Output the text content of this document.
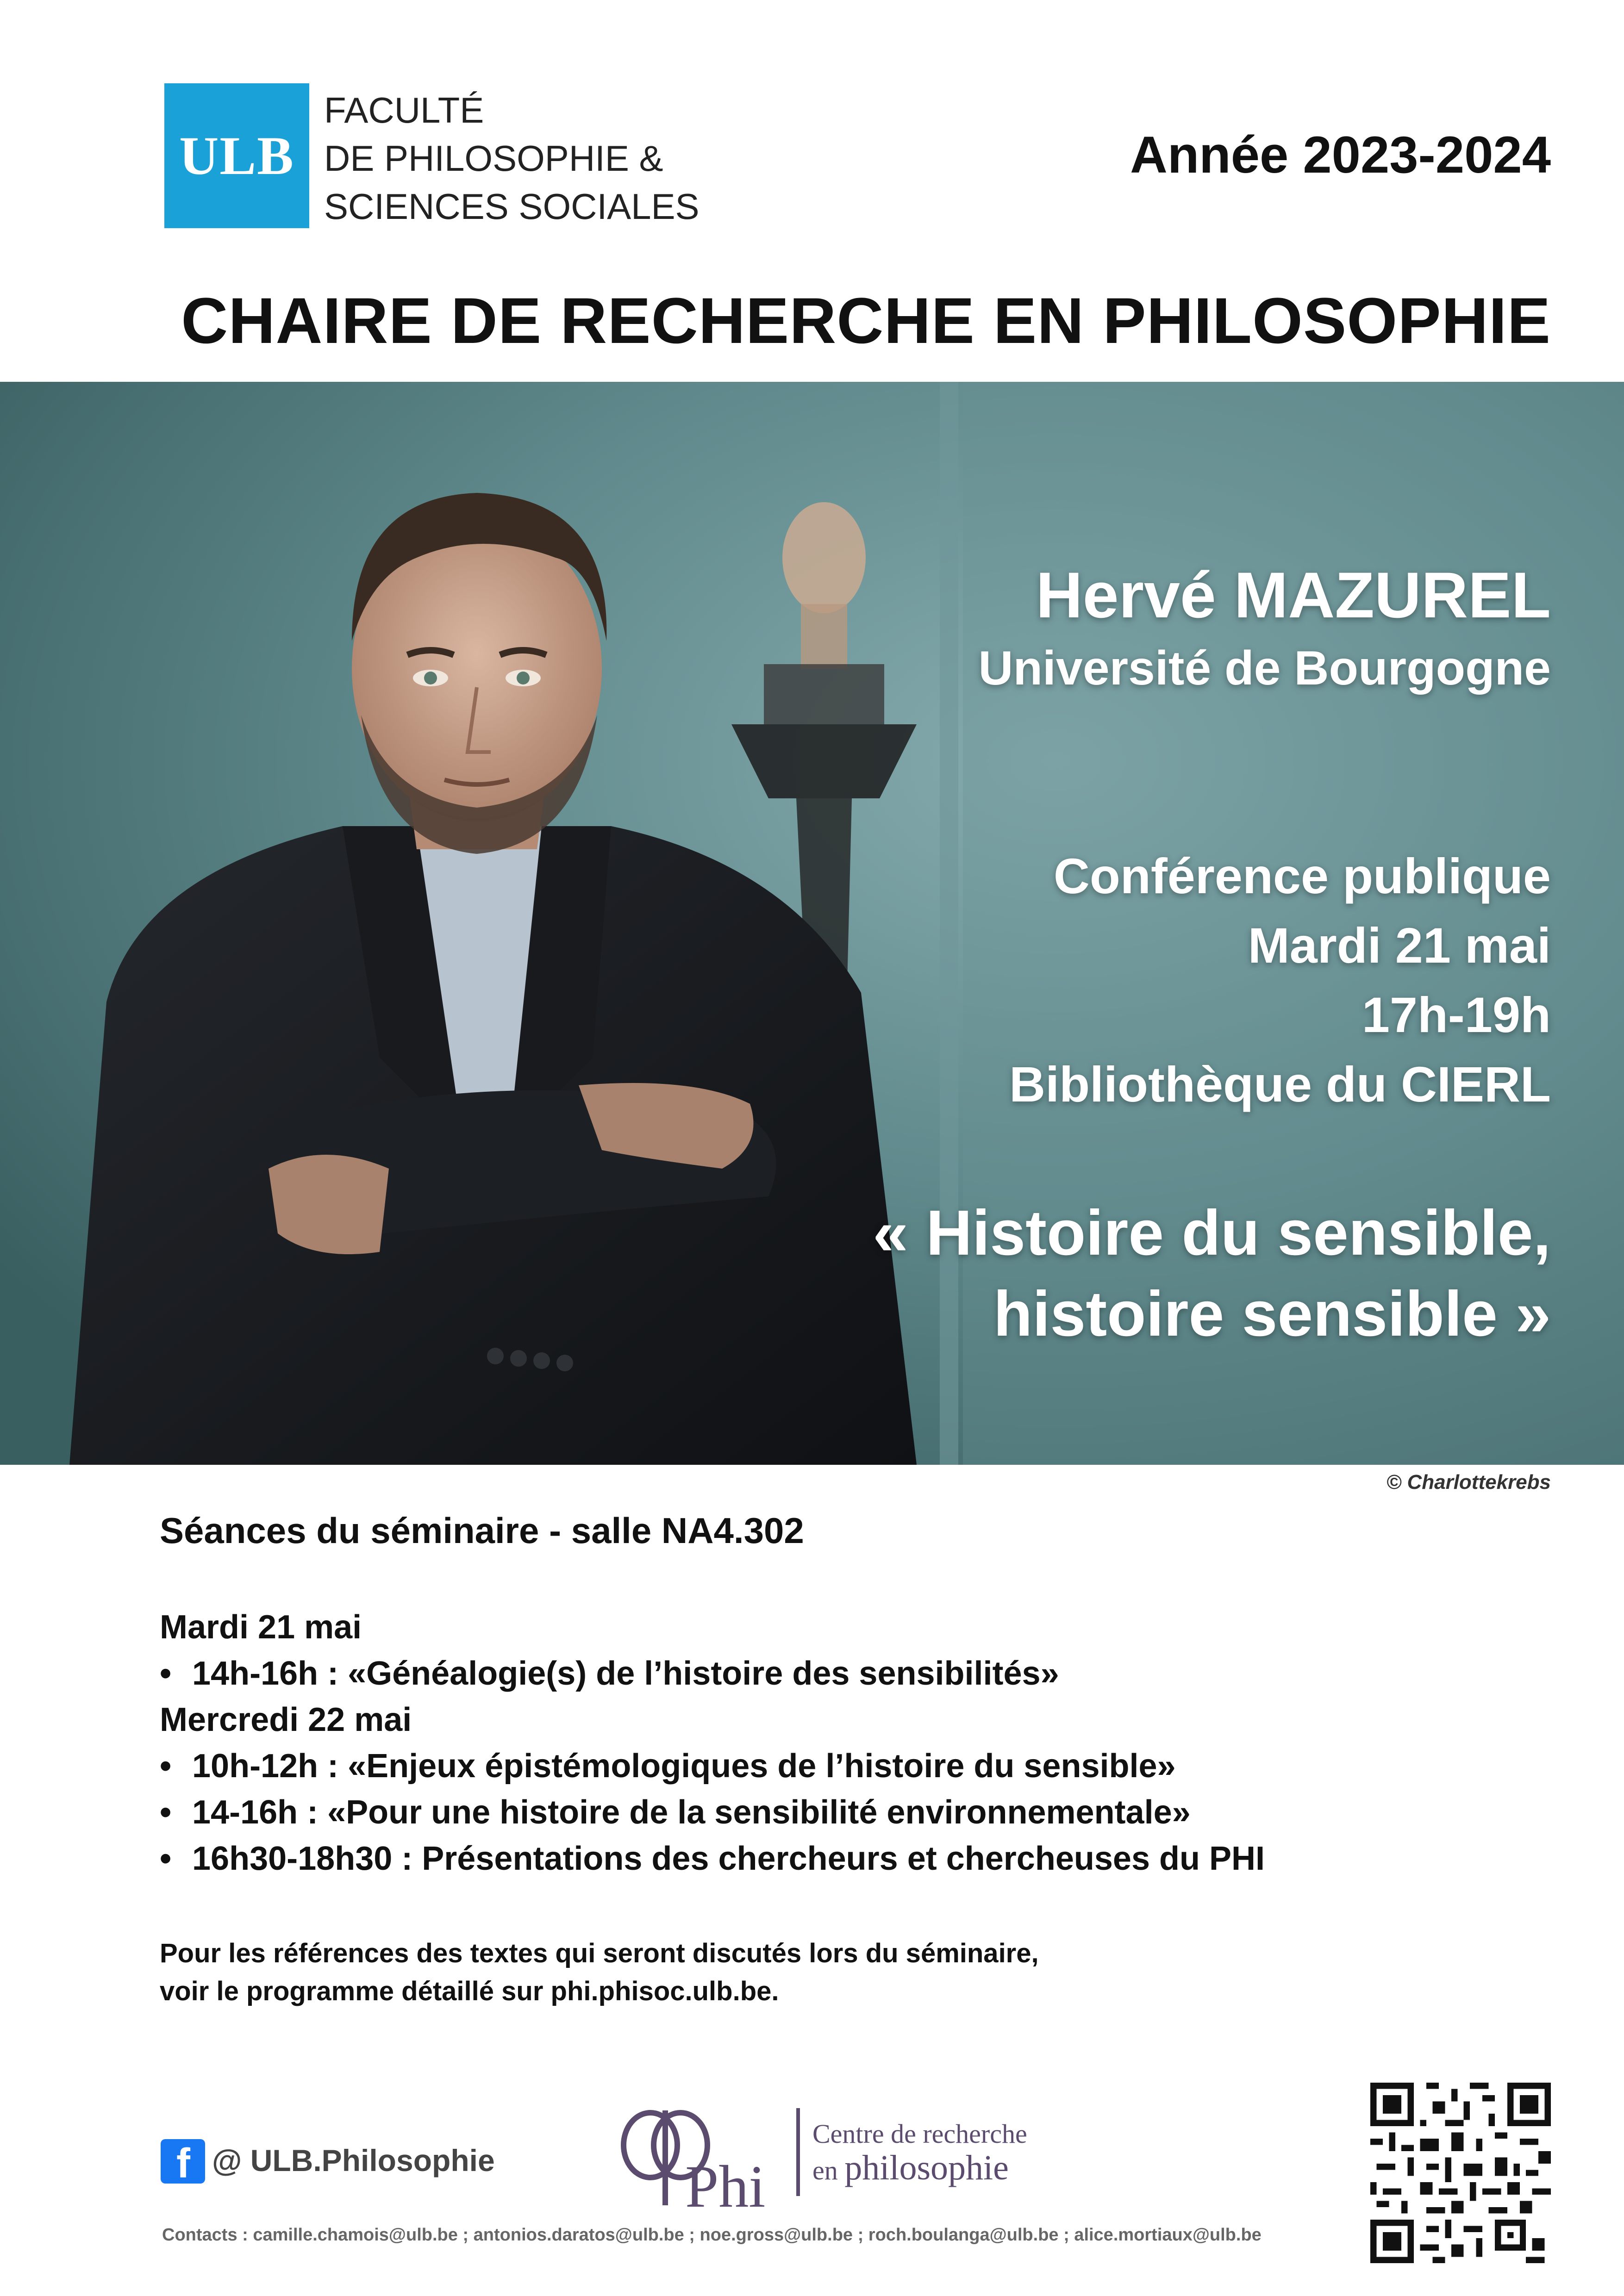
ULB
FACULTÉ
DE PHILOSOPHIE &
SCIENCES SOCIALES
Année 2023-2024
CHAIRE DE RECHERCHE EN PHILOSOPHIE
Hervé MAZUREL
Université de Bourgogne
Conférence publique
Mardi 21 mai
17h-19h
Bibliothèque du CIERL
« Histoire du sensible,
histoire sensible »
© Charlottekrebs
Séances du séminaire - salle NA4.302
Mardi 21 mai
• 14h-16h : «Généalogie(s) de l’histoire des sensibilités»
Mercredi 22 mai
• 10h-12h : «Enjeux épistémologiques de l’histoire du sensible»
• 14-16h : «Pour une histoire de la sensibilité environnementale»
• 16h30-18h30 : Présentations des chercheurs et chercheuses du PHI
Pour les références des textes qui seront discutés lors du séminaire,
voir le programme détaillé sur phi.phisoc.ulb.be.
f @ ULB.Philosophie	Phi
Centre de recherche
en philosophie
Contacts : camille.chamois@ulb.be ; antonios.daratos@ulb.be ; noe.gross@ulb.be ; roch.boulanga@ulb.be ; alice.mortiaux@ulb.be
